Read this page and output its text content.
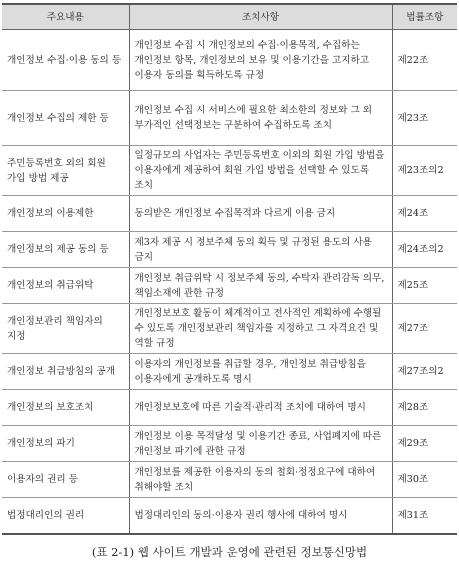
주요내용	조치사항	법률조항
개인정보 수집·이용 동의 등	개인정보 수집 시 개인정보의 수집·이용목적, 수집하는 개인정보 항목, 개인정보의 보유 및 이용기간을 고지하고 이용자 동의를 획득하도록 규정	제22조
개인정보 수집의 제한 등	개인정보 수집 시 서비스에 필요한 최소한의 정보와 그 외 부가적인 선택정보는 구분하여 수집하도록 조치	제23조
주민등록번호 외의 회원 가입 방법 제공	일정규모의 사업자는 주민등록번호 이외의 회원 가입 방법을 이용자에게 제공하여 회원 가입 방법을 선택할 수 있도록 조치	제23조의2
개인정보의 이용제한	동의받은 개인정보 수집목적과 다르게 이용 금지	제24조
개인정보의 제공 동의 등	제3자 제공 시 정보주체 동의 획득 및 규정된 용도의 사용 금지	제24조의2
개인정보의 취급위탁	개인정보 취급위탁 시 정보주체 동의, 수탁자 관리감독 의무, 책임소재에 관한 규정	제25조
개인정보관리 책임자의 지정	개인정보보호 활동이 체계적이고 전사적인 계획하에 수행될 수 있도록 개인정보관리 책임자를 지정하고 그 자격요건 및 역할 규정	제27조
개인정보 취급방침의 공개	이용자의 개인정보를 취급할 경우, 개인정보 취급방침을 이용자에게 공개하도록 명시	제27조의2
개인정보의 보호조치	개인정보보호에 따른 기술적·관리적 조치에 대하여 명시	제28조
개인정보의 파기	개인정보 이용 목적달성 및 이용기간 종료, 사업폐지에 따른 개인정보 파기에 관한 규정	제29조
이용자의 권리 등	개인정보를 제공한 이용자의 동의 철회·정정요구에 대하여 취해야할 조치	제30조
법정대리인의 권리	법정대리인의 동의·이용자 권리 행사에 대하여 명시	제31조
(표 2-1) 웹 사이트 개발과 운영에 관련된 정보통신망법
